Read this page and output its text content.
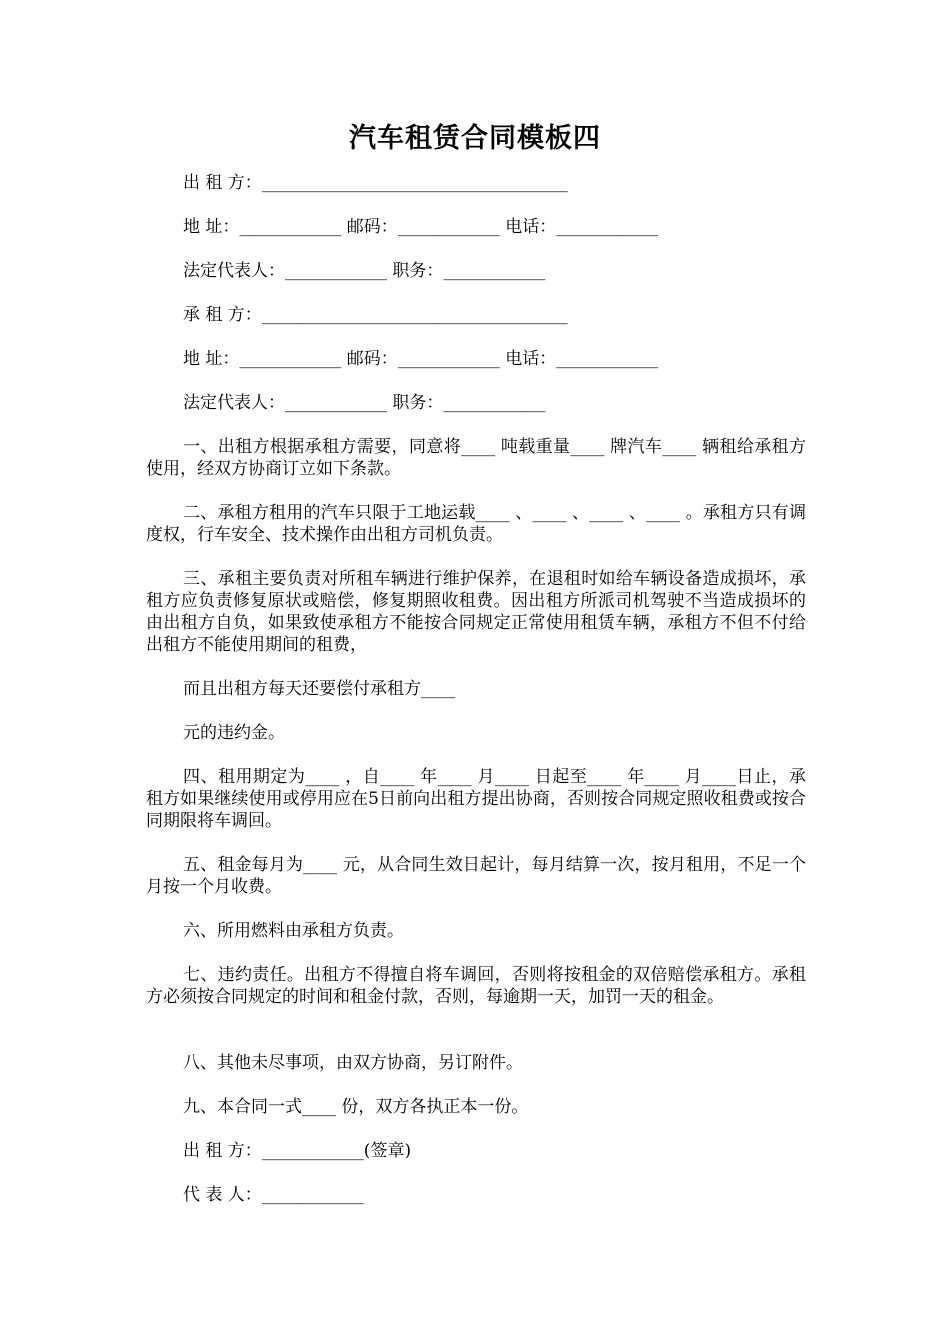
汽车租赁合同模板四
出 租 方：____________________________________
地 址：____________ 邮码：____________ 电话：____________
法定代表人：____________ 职务：____________
承 租 方：____________________________________
地 址：____________ 邮码：____________ 电话：____________
法定代表人：____________ 职务：____________
一、出租方根据承租方需要，同意将____ 吨载重量____ 牌汽车____ 辆租给承租方使用，经双方协商订立如下条款。
二、承租方租用的汽车只限于工地运载____ 、____ 、____ 、____ 。承租方只有调度权，行车安全、技术操作由出租方司机负责。
三、承租主要负责对所租车辆进行维护保养，在退租时如给车辆设备造成损坏，承租方应负责修复原状或赔偿，修复期照收租费。因出租方所派司机驾驶不当造成损坏的由出租方自负，如果致使承租方不能按合同规定正常使用租赁车辆，承租方不但不付给出租方不能使用期间的租费，
而且出租方每天还要偿付承租方____
元的违约金。
四、租用期定为____ ，自____ 年____ 月____ 日起至____ 年____ 月____日止，承租方如果继续使用或停用应在5日前向出租方提出协商，否则按合同规定照收租费或按合同期限将车调回。
五、租金每月为____ 元，从合同生效日起计，每月结算一次，按月租用，不足一个月按一个月收费。
六、所用燃料由承租方负责。
七、违约责任。出租方不得擅自将车调回，否则将按租金的双倍赔偿承租方。承租方必须按合同规定的时间和租金付款，否则，每逾期一天，加罚一天的租金。
八、其他未尽事项，由双方协商，另订附件。
九、本合同一式____ 份，双方各执正本一份。
出 租 方：____________(签章)
代 表 人：____________
